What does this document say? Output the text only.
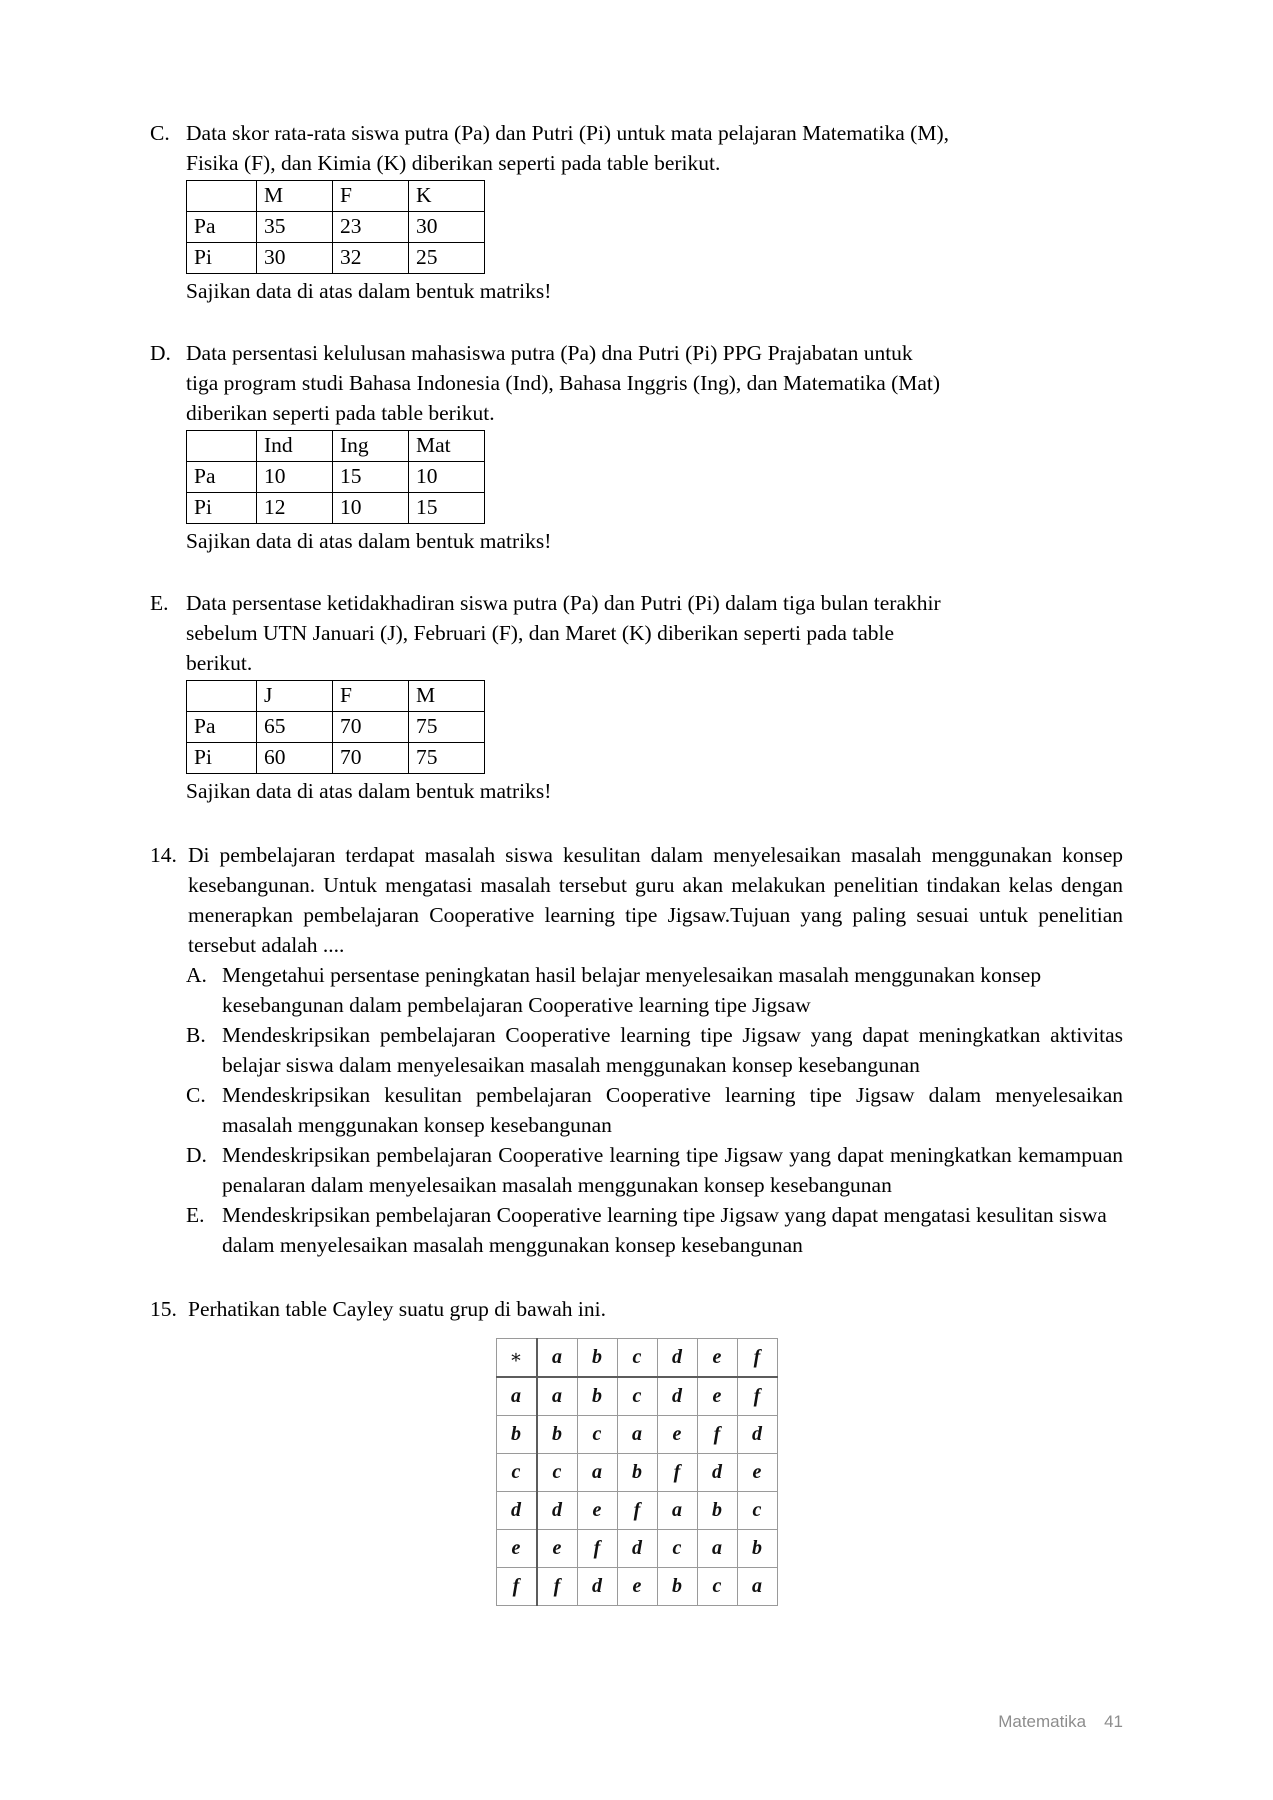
C. Data skor rata-rata siswa putra (Pa) dan Putri (Pi) untuk mata pelajaran Matematika (M),
Fisika (F), dan Kimia (K) diberikan seperti pada table berikut.
	M	F	K
Pa	35	23	30
Pi	30	32	25
Sajikan data di atas dalam bentuk matriks!
D. Data persentasi kelulusan mahasiswa putra (Pa) dna Putri (Pi) PPG Prajabatan untuk
tiga program studi Bahasa Indonesia (Ind), Bahasa Inggris (Ing), dan Matematika (Mat)
diberikan seperti pada table berikut.
	Ind	Ing	Mat
Pa	10	15	10
Pi	12	10	15
Sajikan data di atas dalam bentuk matriks!
E. Data persentase ketidakhadiran siswa putra (Pa) dan Putri (Pi) dalam tiga bulan terakhir
sebelum UTN Januari (J), Februari (F), dan Maret (K) diberikan seperti pada table
berikut.
	J	F	M
Pa	65	70	75
Pi	60	70	75
Sajikan data di atas dalam bentuk matriks!
14. Di pembelajaran terdapat masalah siswa kesulitan dalam menyelesaikan masalah menggunakan konsep kesebangunan. Untuk mengatasi masalah tersebut guru akan melakukan penelitian tindakan kelas dengan menerapkan pembelajaran Cooperative learning tipe Jigsaw.Tujuan yang paling sesuai untuk penelitian tersebut adalah ....
A. Mengetahui persentase peningkatan hasil belajar menyelesaikan masalah menggunakan konsep kesebangunan dalam pembelajaran Cooperative learning tipe Jigsaw
B. Mendeskripsikan pembelajaran Cooperative learning tipe Jigsaw yang dapat meningkatkan aktivitas belajar siswa dalam menyelesaikan masalah menggunakan konsep kesebangunan
C. Mendeskripsikan kesulitan pembelajaran Cooperative learning tipe Jigsaw dalam menyelesaikan masalah menggunakan konsep kesebangunan
D. Mendeskripsikan pembelajaran Cooperative learning tipe Jigsaw yang dapat meningkatkan kemampuan penalaran dalam menyelesaikan masalah menggunakan konsep kesebangunan
E. Mendeskripsikan pembelajaran Cooperative learning tipe Jigsaw yang dapat mengatasi kesulitan siswa dalam menyelesaikan masalah menggunakan konsep kesebangunan
15. Perhatikan table Cayley suatu grup di bawah ini.
∗	a	b	c	d	e	f
a	a	b	c	d	e	f
b	b	c	a	e	f	d
c	c	a	b	f	d	e
d	d	e	f	a	b	c
e	e	f	d	c	a	b
f	f	d	e	b	c	a
Matematika 41
